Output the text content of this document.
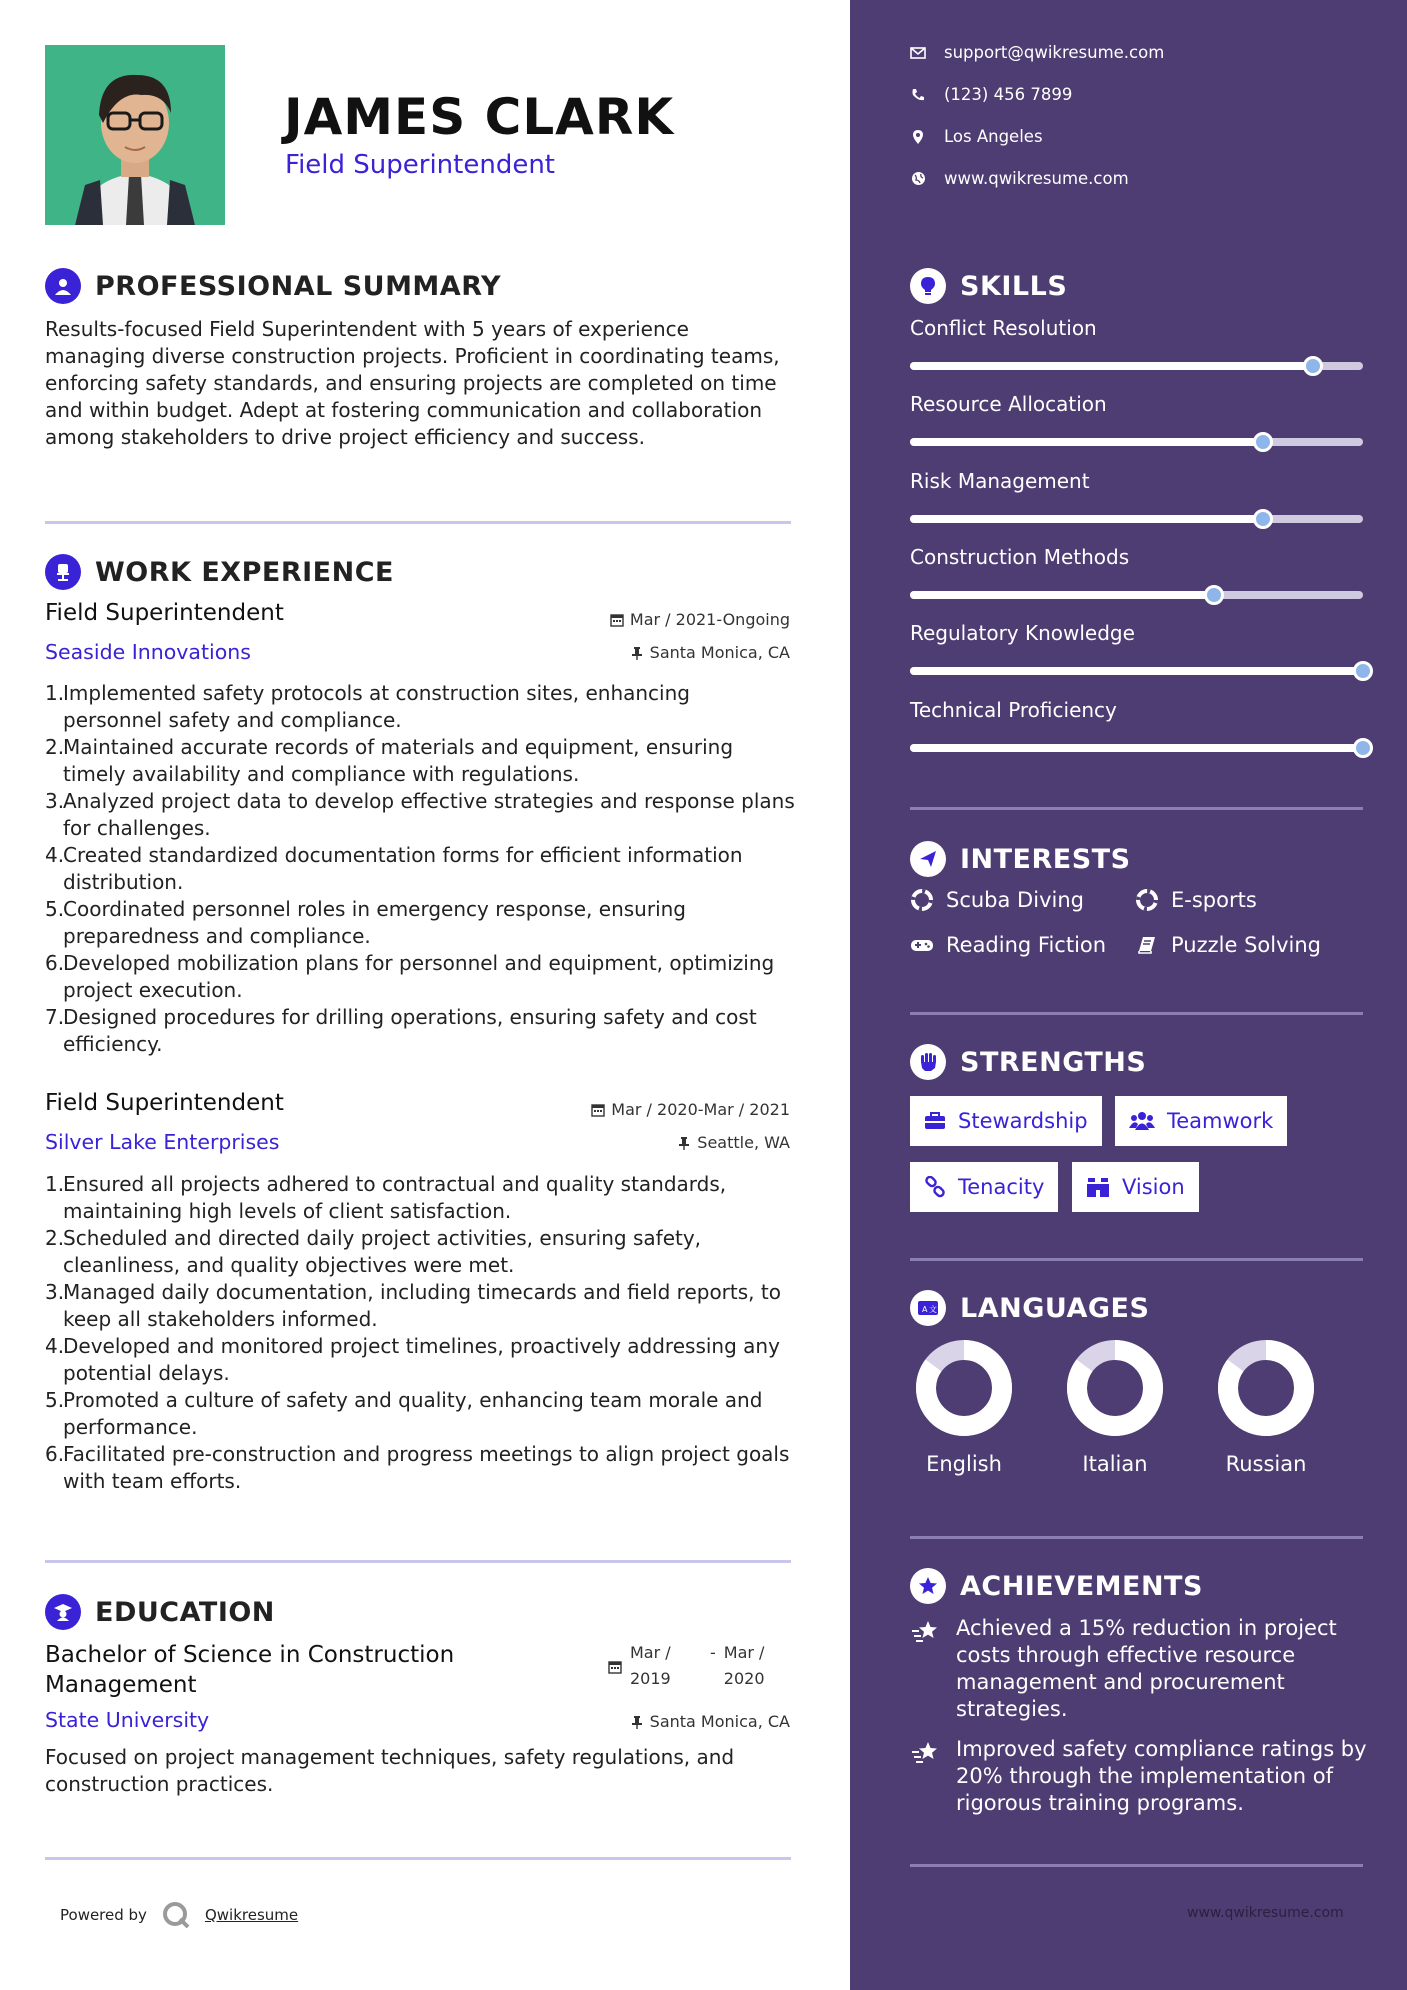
JAMES CLARK
Field Superintendent
PROFESSIONAL SUMMARY

Results-focused Field Superintendent with 5 years of experience managing diverse construction projects. Proficient in coordinating teams, enforcing safety standards, and ensuring projects are completed on time and within budget. Adept at fostering communication and collaboration among stakeholders to drive project efficiency and success.

WORK EXPERIENCE
Field Superintendent
Seaside Innovations
Mar / 2021-Ongoing
Santa Monica, CA
1.
Implemented safety protocols at construction sites, enhancing personnel safety and compliance.
2.
Maintained accurate records of materials and equipment, ensuring timely availability and compliance with regulations.
3.
Analyzed project data to develop effective strategies and response plans for challenges.
4.
Created standardized documentation forms for efficient information distribution.
5.
Coordinated personnel roles in emergency response, ensuring preparedness and compliance.
6.
Developed mobilization plans for personnel and equipment, optimizing project execution.
7.
Designed procedures for drilling operations, ensuring safety and cost efficiency.
Field Superintendent
Silver Lake Enterprises
Mar / 2020-Mar / 2021
Seattle, WA
1.
Ensured all projects adhered to contractual and quality standards, maintaining high levels of client satisfaction.
2.
Scheduled and directed daily project activities, ensuring safety, cleanliness, and quality objectives were met.
3.
Managed daily documentation, including timecards and field reports, to keep all stakeholders informed.
4.
Developed and monitored project timelines, proactively addressing any potential delays.
5.
Promoted a culture of safety and quality, enhancing team morale and performance.
6.
Facilitated pre-construction and progress meetings to align project goals with team efforts.
EDUCATION
Bachelor of Science in Construction Management
State University
Mar / 2019
- Mar / 2020
Santa Monica, CA

Focused on project management techniques, safety regulations, and construction practices.

Powered by	Qwikresume
support@qwikresume.com
(123) 456 7899
Los Angeles
www.qwikresume.com
SKILLS
Conflict Resolution
Resource Allocation
Risk Management
Construction Methods
Regulatory Knowledge
Technical Proficiency
INTERESTS
Scuba Diving	E-sports
Reading Fiction	Puzzle Solving
STRENGTHS
Stewardship	Teamwork
Tenacity	Vision
A 文 LANGUAGES
English	Italian	Russian
ACHIEVEMENTS
Achieved a 15% reduction in project costs through effective resource management and procurement strategies.
Improved safety compliance ratings by 20% through the implementation of rigorous training programs.
www.qwikresume.com
